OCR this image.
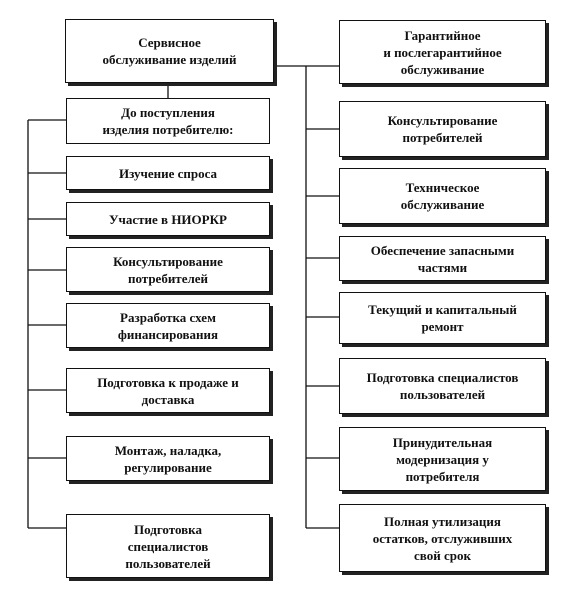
Сервисное
обслуживание изделий
До поступления
изделия потребителю:
Изучение спроса
Участие в НИОРКР
Консультирование
потребителей
Разработка схем
финансирования
Подготовка к продаже и
доставка
Монтаж, наладка,
регулирование
Подготовка
специалистов
пользователей
Гарантийное
и послегарантийное
обслуживание
Консультирование
потребителей
Техническое
обслуживание
Обеспечение запасными
частями
Текущий и капитальный
ремонт
Подготовка специалистов
пользователей
Принудительная
модернизация у
потребителя
Полная утилизация
остатков, отслуживших
свой срок
